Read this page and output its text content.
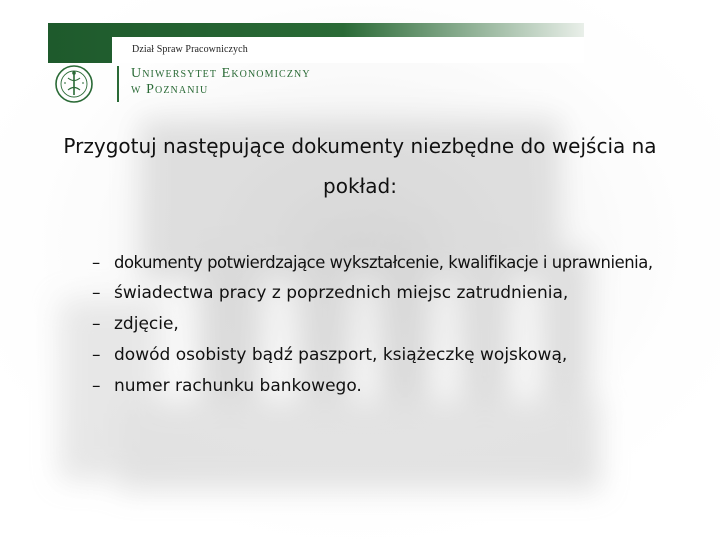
Dział Spraw Pracowniczych
Uniwersytet Ekonomiczny
w Poznaniu
Przygotuj następujące dokumenty niezbędne do wejścia na pokład:
– dokumenty potwierdzające wykształcenie, kwalifikacje i uprawnienia,
– świadectwa pracy z poprzednich miejsc zatrudnienia,
– zdjęcie,
– dowód osobisty bądź paszport, książeczkę wojskową,
– numer rachunku bankowego.
